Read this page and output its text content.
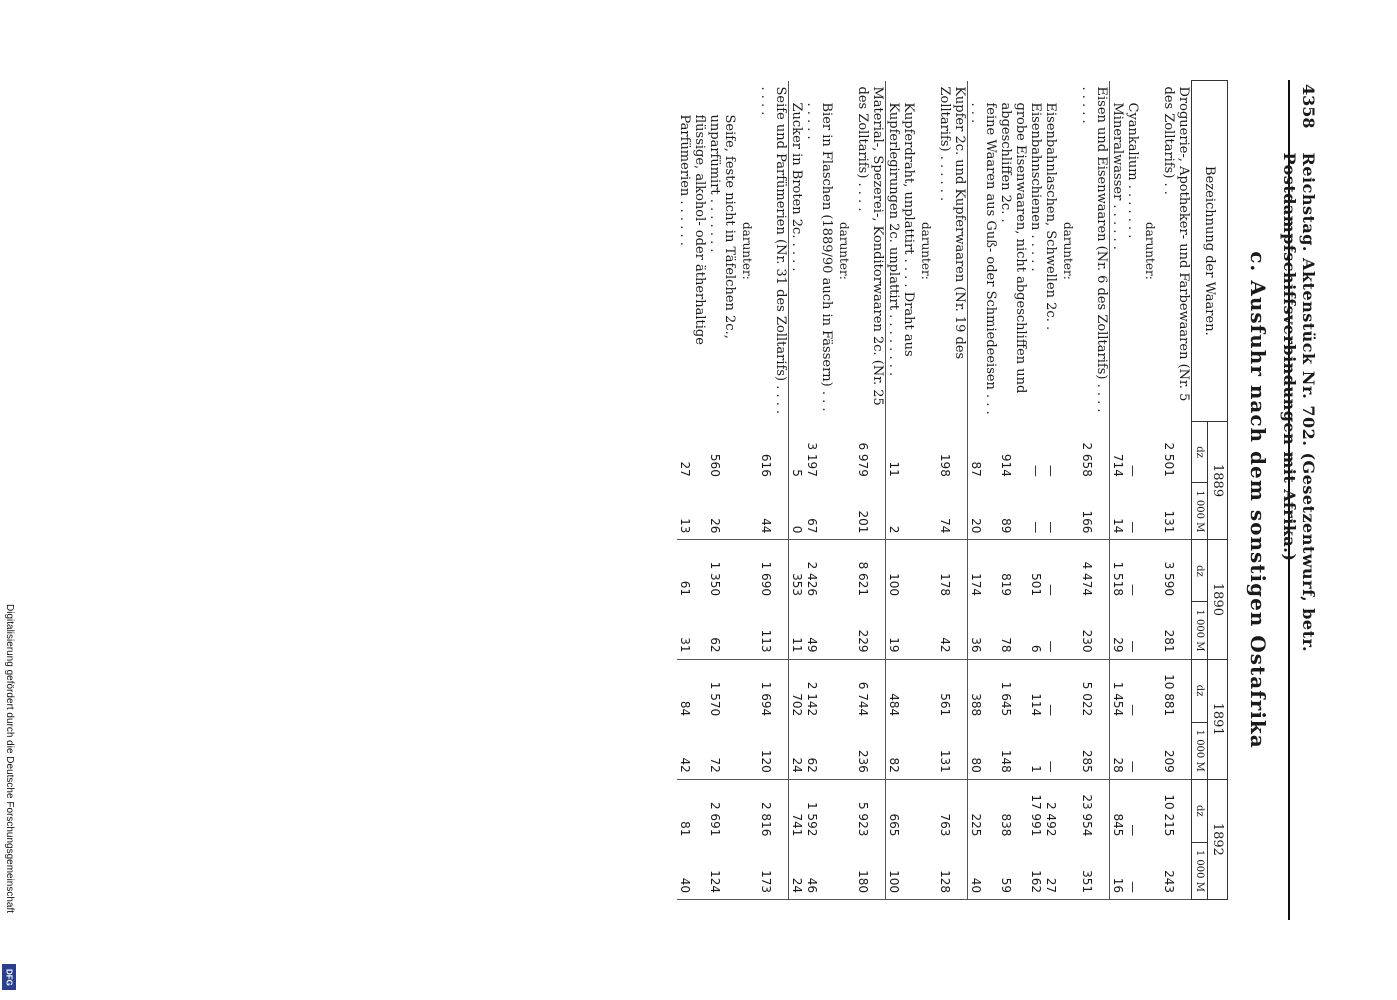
Digitalisierung gefördert durch die Deutsche Forschungsgemeinschaft
DFG
4358
Reichstag. Aktenstück Nr. 702. (Gesetzentwurf, betr. Postdampfschiffsverbindungen mit Afrika.)
c. Ausfuhr nach dem sonstigen Ostafrika
Bezeichnung der Waaren.	1889		1890		1891		1892	
	dz	1 000 M	dz	1 000 M	dz	1 000 M	dz	1 000 M
Droguerie-, Apotheker- und Farbewaaren (Nr. 5 des Zolltarifs) . .	2 501	131	3 590	281	10 881	209	10 215	243
darunter:								
Cyankalium . . . . . . .	—	—	—	—	—	—	—	—
Mineralwasser . . . . . .	714	14	1 518	29	1 454	28	845	16
Eisen und Eisenwaaren (Nr. 6 des Zolltarifs) . . . . . . . . .	2 658	166	4 474	230	5 022	285	23 954	351
darunter:								
Eisenbahnlaschen, Schwellen 2c. .	—	—	—	—	—	—	2 492	27
Eisenbahnschienen . . . . .	—	—	501	6	114	1	17 991	162
grobe Eisenwaaren, nicht abgeschliffen und abgeschliffen 2c. .	914	89	819	78	1 645	148	838	59
feine Waaren aus Guß- oder Schmiedeeisen . . . . . .	87	20	174	36	388	80	225	40
Kupfer 2c. und Kupferwaaren (Nr. 19 des Zolltarifs) . . . . . .	198	74	178	42	561	131	763	128
darunter:								
Kupferdraht, unplattirt . . . . Draht aus Kupferlegirungen 2c. unplattirt . . . . . . . .	11	2	100	19	484	82	665	100
Material-, Spezerei-, Konditorwaaren 2c. (Nr. 25 des Zolltarifs) . . . .	6 979	201	8 621	229	6 744	236	5 923	180
darunter:								
Bier in Flaschen (1889/90 auch in Fässern) . . . . . . . .	3 197	67	2 426	49	2 142	62	1 592	46
Zucker in Broten 2c. . . . .	5	0	353	11	702	24	741	24
Seife und Parfümerien (Nr. 31 des Zolltarifs) . . . . . . . .	616	44	1 690	113	1 694	120	2 816	173
darunter:								
Seife, feste nicht in Täfelchen 2c., unparfümirt . . . . . . .	560	26	1 350	62	1 570	72	2 691	124
flüssige, alkohol- oder ätherhaltige Parfümerien . . . . . .	27	13	61	31	84	42	81	40
